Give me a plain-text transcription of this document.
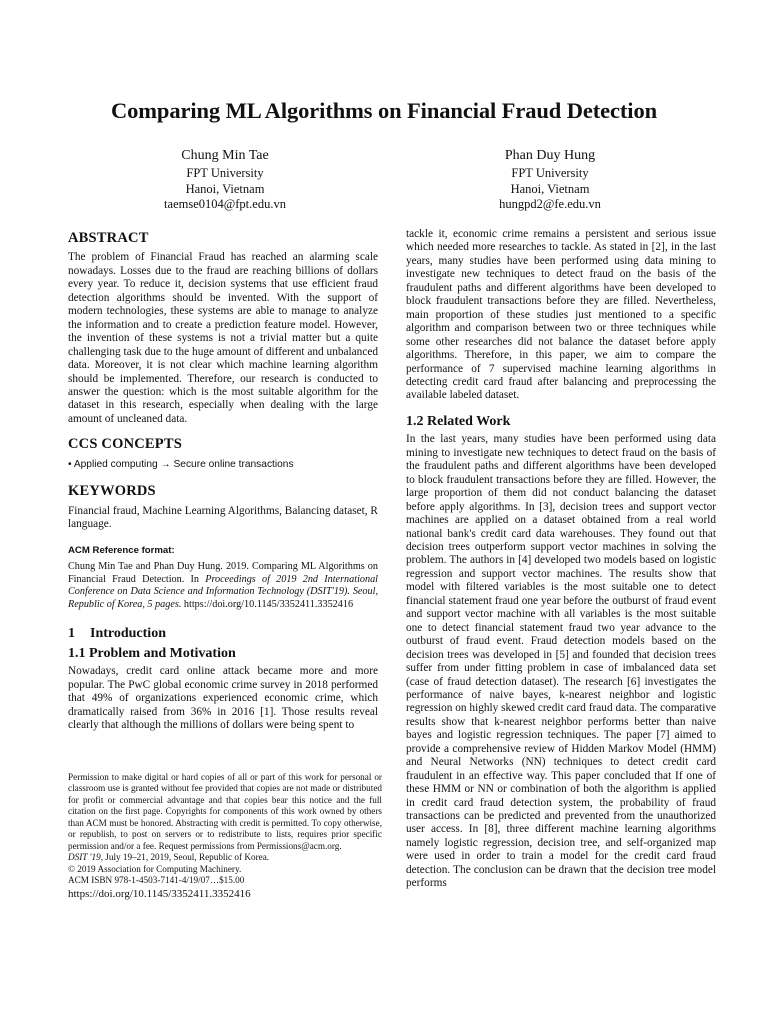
Comparing ML Algorithms on Financial Fraud Detection
Chung Min Tae
FPT University
Hanoi, Vietnam
taemse0104@fpt.edu.vn
Phan Duy Hung
FPT University
Hanoi, Vietnam
hungpd2@fe.edu.vn
ABSTRACT

The problem of Financial Fraud has reached an alarming scale nowadays. Losses due to the fraud are reaching billions of dollars every year. To reduce it, decision systems that use efficient fraud detection algorithms should be invented. With the support of modern technologies, these systems are able to manage to analyze the information and to create a prediction feature model. However, the invention of these systems is not a trivial matter but a quite challenging task due to the huge amount of different and unbalanced data. Moreover, it is not clear which machine learning algorithm should be implemented. Therefore, our research is conducted to answer the question: which is the most suitable algorithm for the dataset in this research, especially when dealing with the large amount of uncleaned data.

CCS CONCEPTS

• Applied computing → Secure online transactions

KEYWORDS

Financial fraud, Machine Learning Algorithms, Balancing dataset, R language.

ACM Reference format:

Chung Min Tae and Phan Duy Hung. 2019. Comparing ML Algorithms on Financial Fraud Detection. In Proceedings of 2019 2nd International Conference on Data Science and Information Technology (DSIT'19). Seoul, Republic of Korea, 5 pages. https://doi.org/10.1145/3352411.3352416

1 Introduction
1.1 Problem and Motivation

Nowadays, credit card online attack became more and more popular. The PwC global economic crime survey in 2018 performed that 49% of organizations experienced economic crime, which dramatically raised from 36% in 2016 [1]. Those results reveal clearly that although the millions of dollars were being spent to

tackle it, economic crime remains a persistent and serious issue which needed more researches to tackle. As stated in [2], in the last years, many studies have been performed using data mining to investigate new techniques to detect fraud on the basis of the fraudulent paths and different algorithms have been developed to block fraudulent transactions before they are filled. Nevertheless, main proportion of these studies just mentioned to a specific algorithm and comparison between two or three techniques while some other researches did not balance the dataset before apply algorithms. Therefore, in this paper, we aim to compare the performance of 7 supervised machine learning algorithms in detecting credit card fraud after balancing and preprocessing the available labeled dataset.

1.2 Related Work

In the last years, many studies have been performed using data mining to investigate new techniques to detect fraud on the basis of the fraudulent paths and different algorithms have been developed to block fraudulent transactions before they are filled. However, the large proportion of them did not conduct balancing the dataset before apply algorithms. In [3], decision trees and support vector machines are applied on a dataset obtained from a real world national bank's credit card data warehouses. They found out that decision trees outperform support vector machines in solving the problem. The authors in [4] developed two models based on logistic regression and support vector machines. The results show that model with filtered variables is the most suitable one to detect financial statement fraud one year before the outburst of fraud event and support vector machine with all variables is the most suitable one to detect financial statement fraud two year advance to the outburst of fraud event. Fraud detection models based on the decision trees was developed in [5] and founded that decision trees suffer from under fitting problem in case of imbalanced data set (case of fraud detection dataset). The research [6] investigates the performance of naive bayes, k-nearest neighbor and logistic regression on highly skewed credit card fraud data. The comparative results show that k-nearest neighbor performs better than naive bayes and logistic regression techniques. The paper [7] aimed to provide a comprehensive review of Hidden Markov Model (HMM) and Neural Networks (NN) techniques to detect credit card fraudulent in an effective way. This paper concluded that If one of these HMM or NN or combination of both the algorithm is applied in credit card fraud detection system, the probability of fraud transactions can be predicted and prevented from the unauthorized user access. In [8], three different machine learning algorithms namely logistic regression, decision tree, and self-organized map were used in order to train a model for the credit card fraud detection. The conclusion can be drawn that the decision tree model performs

Permission to make digital or hard copies of all or part of this work for personal or classroom use is granted without fee provided that copies are not made or distributed for profit or commercial advantage and that copies bear this notice and the full citation on the first page. Copyrights for components of this work owned by others than ACM must be honored. Abstracting with credit is permitted. To copy otherwise, or republish, to post on servers or to redistribute to lists, requires prior specific permission and/or a fee. Request permissions from Permissions@acm.org.

DSIT '19, July 19–21, 2019, Seoul, Republic of Korea.
© 2019 Association for Computing Machinery.
ACM ISBN 978-1-4503-7141-4/19/07…$15.00
https://doi.org/10.1145/3352411.3352416
